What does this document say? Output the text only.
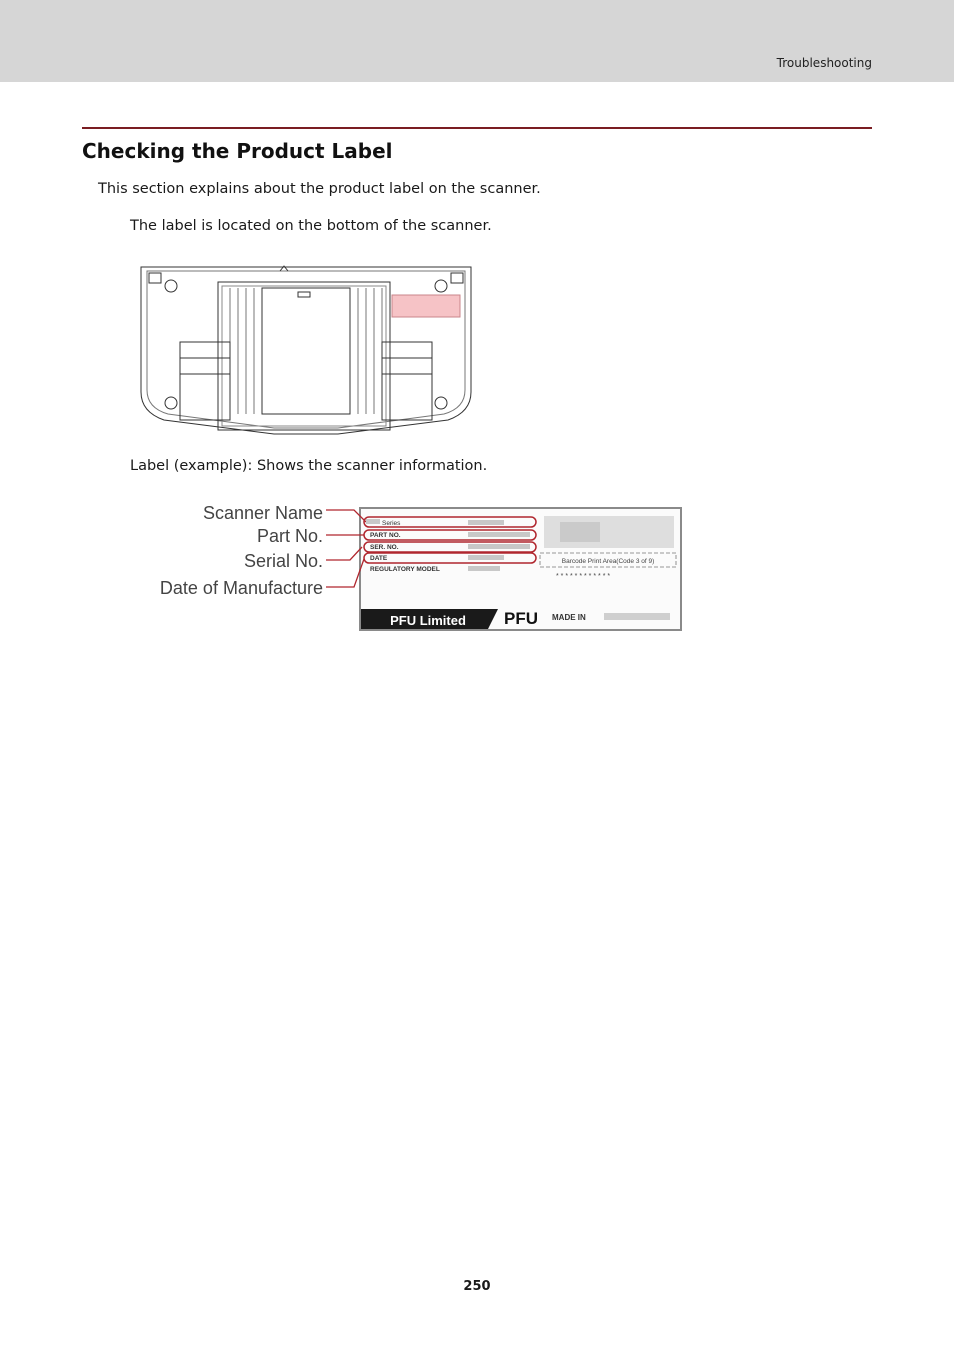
Troubleshooting
Checking the Product Label

This section explains about the product label on the scanner.

The label is located on the bottom of the scanner.

Label (example): Shows the scanner information.

Scanner Name
Part No.
Serial No.
Date of Manufacture
Series
PART NO.
SER. NO.
DATE
REGULATORY MODEL
Barcode Print Area(Code 3 of 9)
* * * * * * * * * * * *
PFU Limited PFU MADE IN
250
